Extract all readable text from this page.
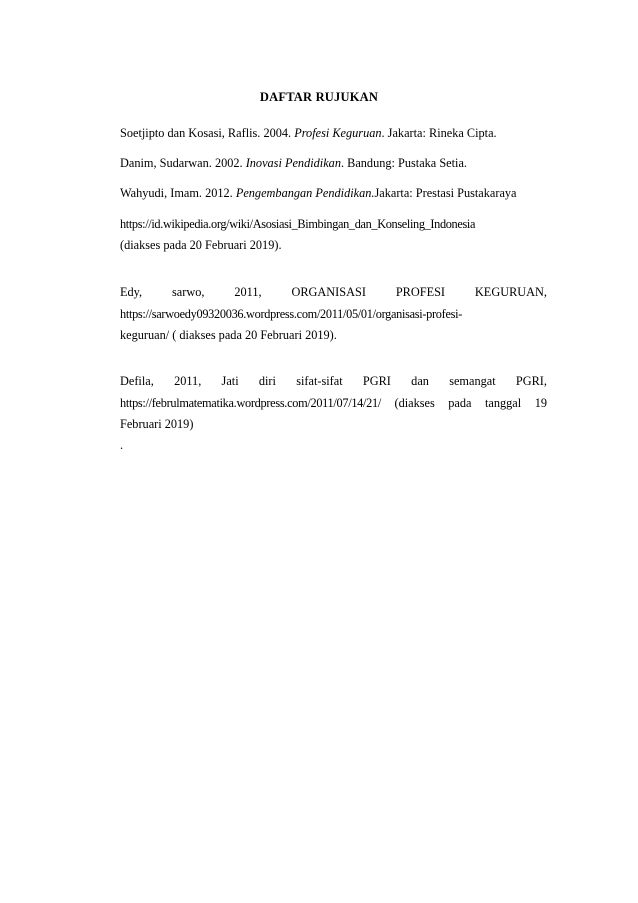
DAFTAR RUJUKAN
Soetjipto dan Kosasi, Raflis. 2004. Profesi Keguruan. Jakarta: Rineka Cipta.
Danim, Sudarwan. 2002. Inovasi Pendidikan. Bandung: Pustaka Setia.
Wahyudi, Imam. 2012. Pengembangan Pendidikan.Jakarta: Prestasi Pustakaraya
https://id.wikipedia.org/wiki/Asosiasi_Bimbingan_dan_Konseling_Indonesia
(diakses pada 20 Februari 2019).
Edy, sarwo, 2011, ORGANISASI PROFESI KEGURUAN,
https://sarwoedy09320036.wordpress.com/2011/05/01/organisasi-profesi-
keguruan/ ( diakses pada 20 Februari 2019).
Defila, 2011, Jati diri sifat-sifat PGRI dan semangat PGRI,
https://februlmatematika.wordpress.com/2011/07/14/21/ (diakses pada tanggal 19
Februari 2019)
.
